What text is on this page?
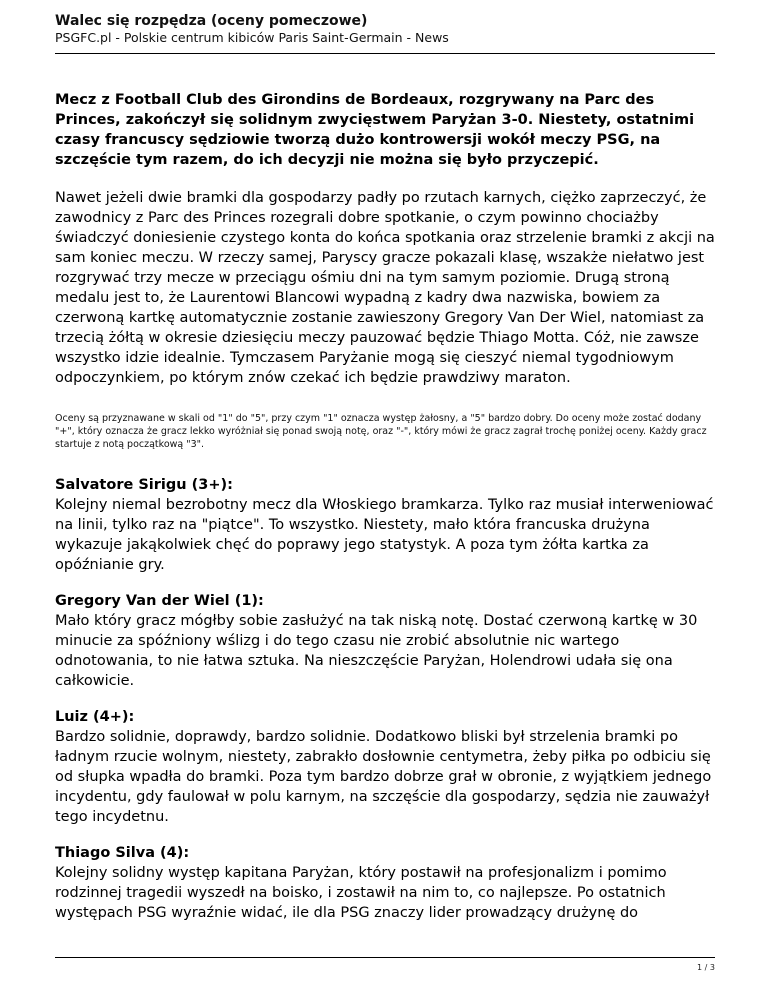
Walec się rozpędza (oceny pomeczowe)
PSGFC.pl - Polskie centrum kibiców Paris Saint-Germain - News

Mecz z Football Club des Girondins de Bordeaux, rozgrywany na Parc des Princes, zakończył się solidnym zwycięstwem Paryżan 3-0. Niestety, ostatnimi czasy francuscy sędziowie tworzą dużo kontrowersji wokół meczy PSG, na szczęście tym razem, do ich decyzji nie można się było przyczepić.

Nawet jeżeli dwie bramki dla gospodarzy padły po rzutach karnych, ciężko zaprzeczyć, że zawodnicy z Parc des Princes rozegrali dobre spotkanie, o czym powinno chociażby świadczyć doniesienie czystego konta do końca spotkania oraz strzelenie bramki z akcji na sam koniec meczu. W rzeczy samej, Paryscy gracze pokazali klasę, wszakże niełatwo jest rozgrywać trzy mecze w przeciągu ośmiu dni na tym samym poziomie. Drugą stroną medalu jest to, że Laurentowi Blancowi wypadną z kadry dwa nazwiska, bowiem za czerwoną kartkę automatycznie zostanie zawieszony Gregory Van Der Wiel, natomiast za trzecią żółtą w okresie dziesięciu meczy pauzować będzie Thiago Motta. Cóż, nie zawsze wszystko idzie idealnie. Tymczasem Paryżanie mogą się cieszyć niemal tygodniowym odpoczynkiem, po którym znów czekać ich będzie prawdziwy maraton.

Oceny są przyznawane w skali od "1" do "5", przy czym "1" oznacza występ żałosny, a "5" bardzo dobry. Do oceny może zostać dodany "+", który oznacza że gracz lekko wyróżniał się ponad swoją notę, oraz "-", który mówi że gracz zagrał trochę poniżej oceny. Każdy gracz startuje z notą początkową "3".

Salvatore Sirigu (3+):
Kolejny niemal bezrobotny mecz dla Włoskiego bramkarza. Tylko raz musiał interweniować na linii, tylko raz na "piątce". To wszystko. Niestety, mało która francuska drużyna wykazuje jakąkolwiek chęć do poprawy jego statystyk. A poza tym żółta kartka za opóźnianie gry.
Gregory Van der Wiel (1):
Mało który gracz mógłby sobie zasłużyć na tak niską notę. Dostać czerwoną kartkę w 30 minucie za spóźniony wślizg i do tego czasu nie zrobić absolutnie nic wartego odnotowania, to nie łatwa sztuka. Na nieszczęście Paryżan, Holendrowi udała się ona całkowicie.
Luiz (4+):
Bardzo solidnie, doprawdy, bardzo solidnie. Dodatkowo bliski był strzelenia bramki po ładnym rzucie wolnym, niestety, zabrakło dosłownie centymetra, żeby piłka po odbiciu się od słupka wpadła do bramki. Poza tym bardzo dobrze grał w obronie, z wyjątkiem jednego incydentu, gdy faulował w polu karnym, na szczęście dla gospodarzy, sędzia nie zauważył tego incydetnu.
Thiago Silva (4):
Kolejny solidny występ kapitana Paryżan, który postawił na profesjonalizm i pomimo rodzinnej tragedii wyszedł na boisko, i zostawił na nim to, co najlepsze. Po ostatnich występach PSG wyraźnie widać, ile dla PSG znaczy lider prowadzący drużynę do
1 / 3
